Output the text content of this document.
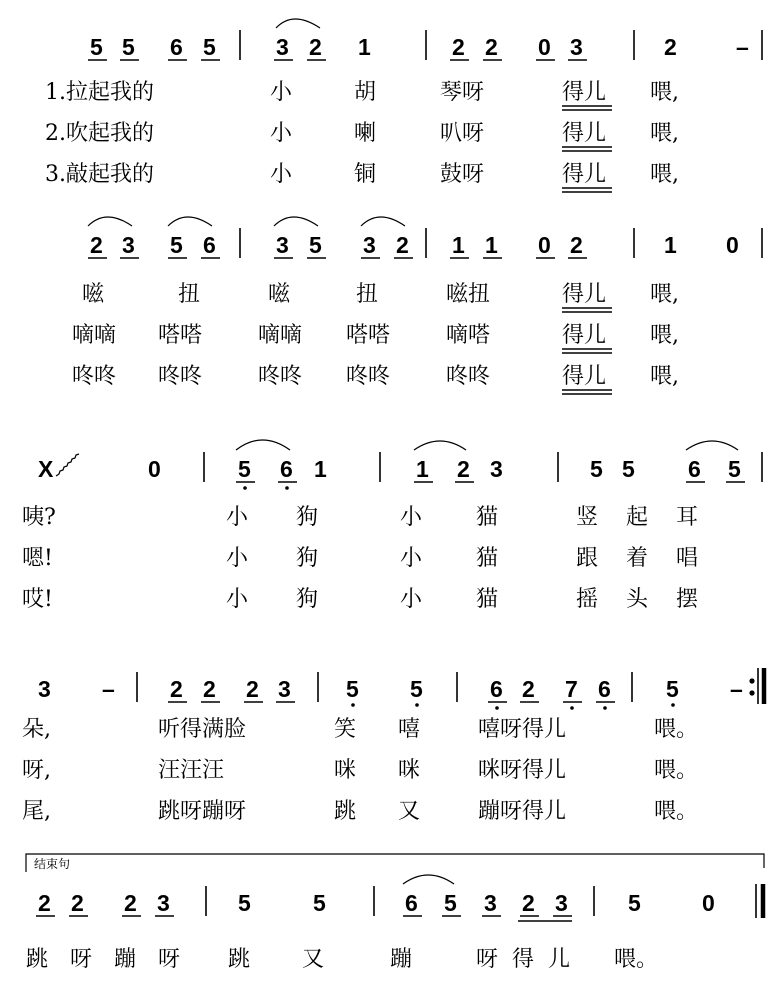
5 5 6 5	3 2 1	2 2 0 3	2	–
2 3 5 6	3 5 3 2 1 1 0 2	1 0
X	0	5 6 1	1 2 3	5 5 6 5
3 – 2 2 2 3 5 5	6 2 7 6 5 –
2 2 2 3	5	5	6 5 3 2 3	5	0
1.拉起我的	小	胡	琴呀	得儿 喂,
2.吹起我的	小	喇	叭呀	得儿 喂,
3.敲起我的	小	铜	鼓呀	得儿 喂,
嗞	扭	嗞	扭	嗞扭	得儿 喂,
嘀嘀 嗒嗒	嘀嘀 嗒嗒	嘀嗒	得儿 喂,
咚咚 咚咚	咚咚 咚咚	咚咚	得儿 喂,
咦?	小 狗	小 猫	竖 起 耳
嗯!	小 狗	小 猫	跟 着 唱
哎!	小 狗	小 猫	摇 头 摆
朵,	听得满脸	笑 嘻	嘻呀得儿	喂。
呀,	汪汪汪	咪 咪	咪呀得儿	喂。
尾,	跳呀蹦呀	跳 又	蹦呀得儿	喂。
跳 呀 蹦 呀 跳 又	蹦	呀 得 儿 喂。
结束句
